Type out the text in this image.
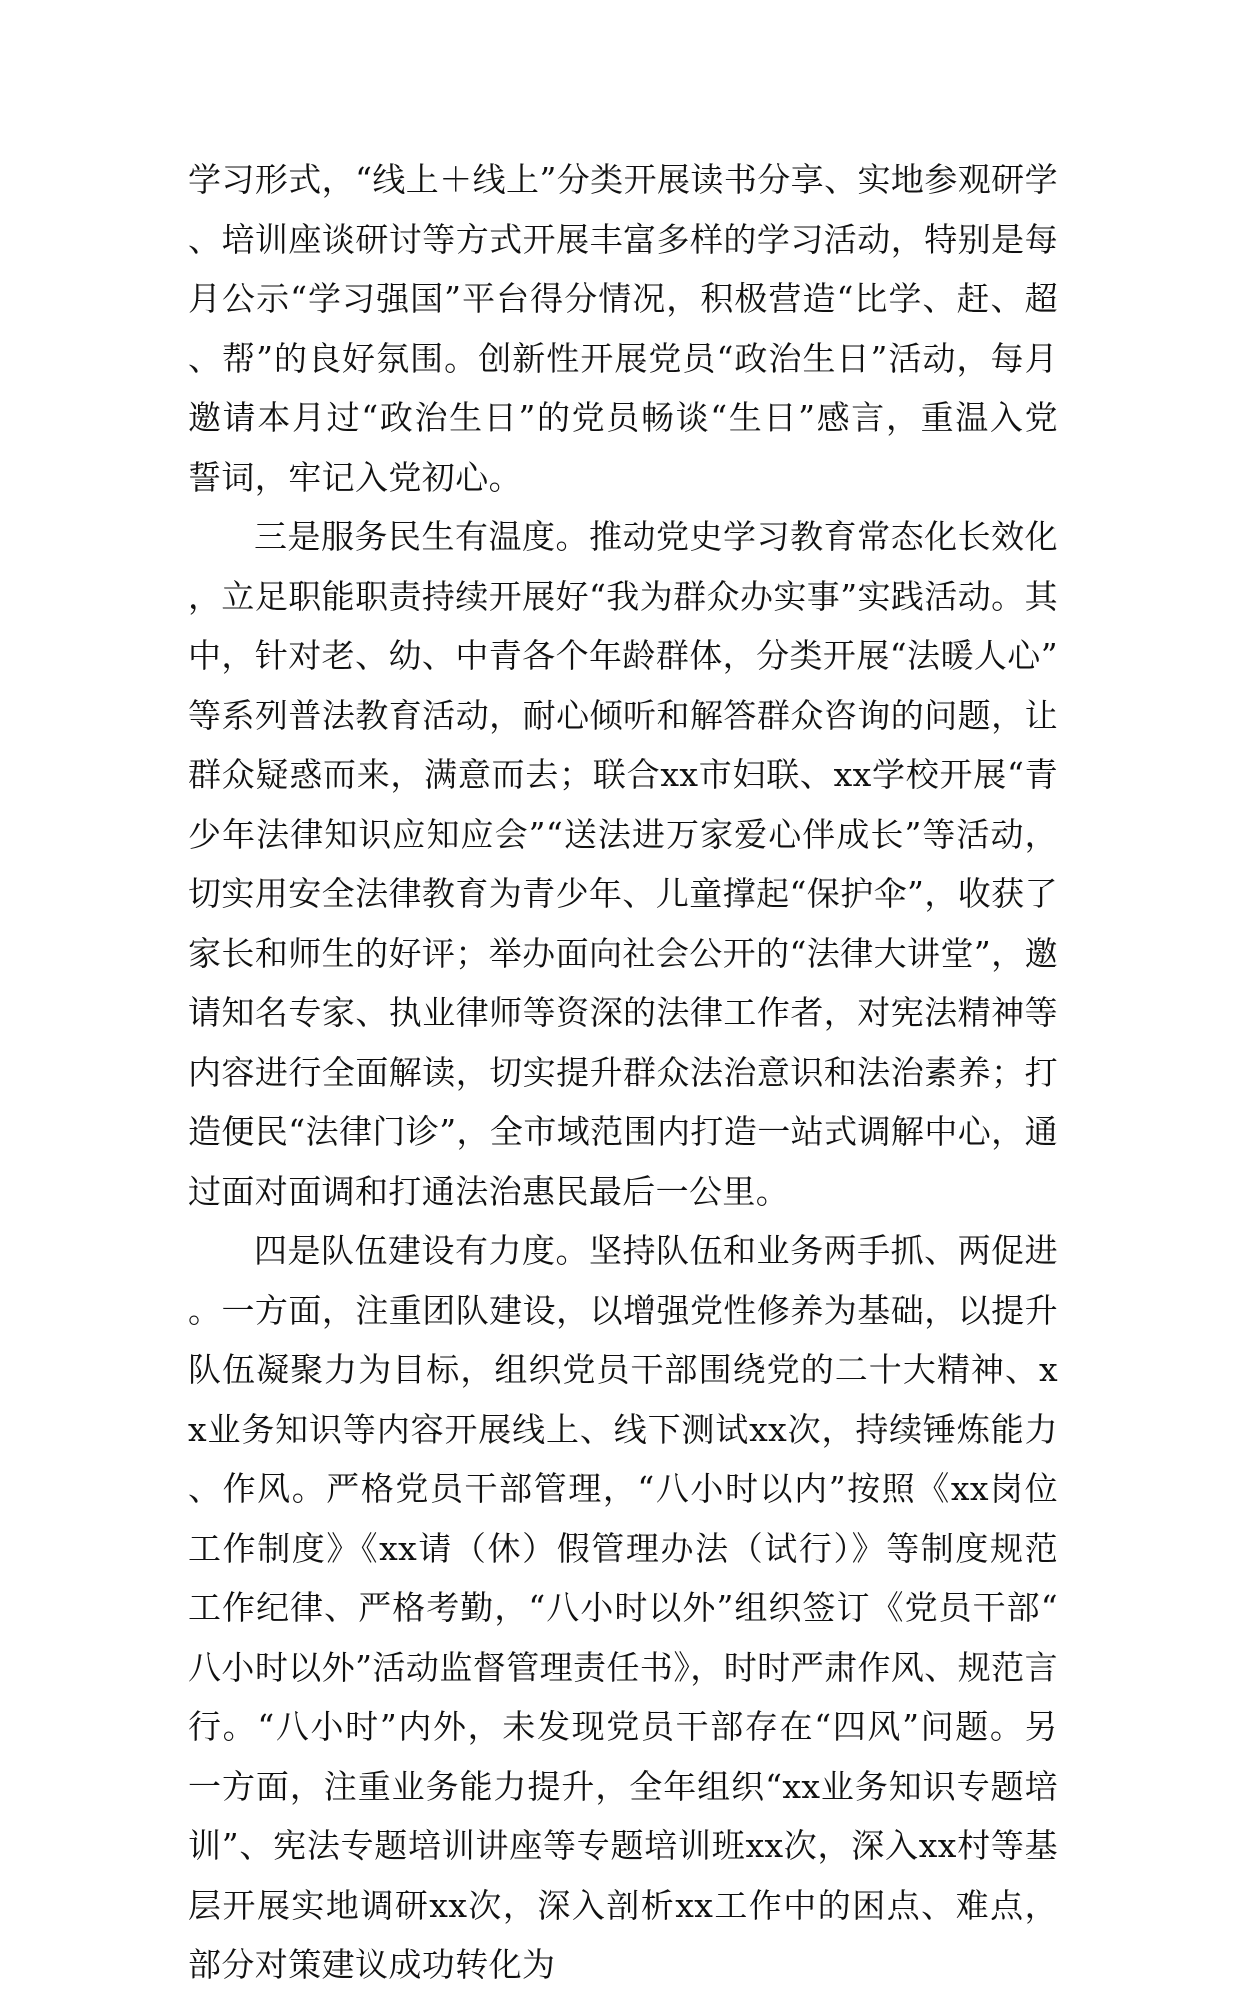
学习形式，“线上＋线上”分类开展读书分享、实地参观研学、培训座谈研讨等方式开展丰富多样的学习活动，特别是每月公示“学习强国”平台得分情况，积极营造“比学、赶、超、帮”的良好氛围。创新性开展党员“政治生日”活动，每月邀请本月过“政治生日”的党员畅谈“生日”感言，重温入党誓词，牢记入党初心。

三是服务民生有温度。推动党史学习教育常态化长效化，立足职能职责持续开展好“我为群众办实事”实践活动。其中，针对老、幼、中青各个年龄群体，分类开展“法暖人心”等系列普法教育活动，耐心倾听和解答群众咨询的问题，让群众疑惑而来，满意而去；联合xx市妇联、xx学校开展“青少年法律知识应知应会”“送法进万家爱心伴成长”等活动，切实用安全法律教育为青少年、儿童撑起“保护伞”，收获了家长和师生的好评；举办面向社会公开的“法律大讲堂”，邀请知名专家、执业律师等资深的法律工作者，对宪法精神等内容进行全面解读，切实提升群众法治意识和法治素养；打造便民“法律门诊”，全市域范围内打造一站式调解中心，通过面对面调和打通法治惠民最后一公里。

四是队伍建设有力度。坚持队伍和业务两手抓、两促进。一方面，注重团队建设，以增强党性修养为基础，以提升队伍凝聚力为目标，组织党员干部围绕党的二十大精神、xx业务知识等内容开展线上、线下测试xx次，持续锤炼能力、作风。严格党员干部管理，“八小时以内”按照《xx岗位工作制度》《xx请（休）假管理办法（试行）》等制度规范工作纪律、严格考勤，“八小时以外”组织签订《党员干部“八小时以外”活动监督管理责任书》，时时严肃作风、规范言行。“八小时”内外，未发现党员干部存在“四风”问题。另一方面，注重业务能力提升，全年组织“xx业务知识专题培训”、宪法专题培训讲座等专题培训班xx次，深入xx村等基层开展实地调研xx次，深入剖析xx工作中的困点、难点，部分对策建议成功转化为
